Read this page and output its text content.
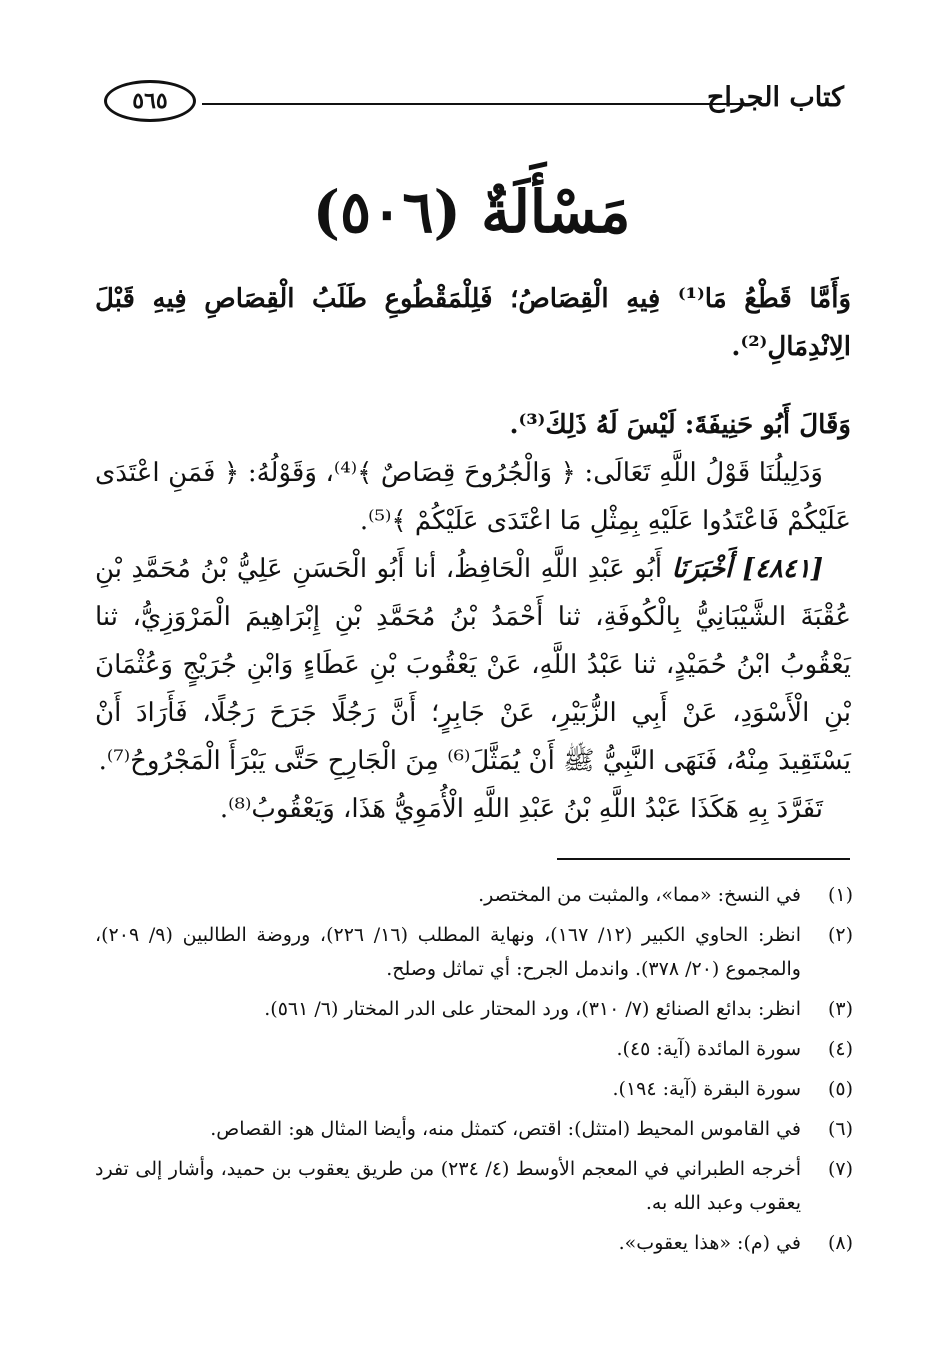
كتاب الجراح
٥٦٥
مَسْأَلَةٌ (٥٠٦)

وَأَمَّا قَطْعُ مَا⁽¹⁾ فِيهِ الْقِصَاصُ؛ فَلِلْمَقْطُوعِ طَلَبُ الْقِصَاصِ فِيهِ قَبْلَ الِانْدِمَالِ⁽²⁾.

وَقَالَ أَبُو حَنِيفَةَ: لَيْسَ لَهُ ذَلِكَ⁽³⁾.

وَدَلِيلُنَا قَوْلُ اللَّهِ تَعَالَى: ﴿ وَالْجُرُوحَ قِصَاصٌ ﴾⁽⁴⁾، وَقَوْلُهُ: ﴿ فَمَنِ اعْتَدَى عَلَيْكُمْ فَاعْتَدُوا عَلَيْهِ بِمِثْلِ مَا اعْتَدَى عَلَيْكُمْ ﴾⁽⁵⁾.

[٤٨٤١] أَخْبَرَنَا أَبُو عَبْدِ اللَّهِ الْحَافِظُ، أنا أَبُو الْحَسَنِ عَلِيُّ بْنُ مُحَمَّدِ بْنِ عُقْبَةَ الشَّيْبَانِيُّ بِالْكُوفَةِ، ثنا أَحْمَدُ بْنُ مُحَمَّدِ بْنِ إِبْرَاهِيمَ الْمَرْوَزِيُّ، ثنا يَعْقُوبُ ابْنُ حُمَيْدٍ، ثنا عَبْدُ اللَّهِ، عَنْ يَعْقُوبَ بْنِ عَطَاءٍ وَابْنِ جُرَيْجٍ وَعُثْمَانَ بْنِ الْأَسْوَدِ، عَنْ أَبِي الزُّبَيْرِ، عَنْ جَابِرٍ؛ أَنَّ رَجُلًا جَرَحَ رَجُلًا، فَأَرَادَ أَنْ يَسْتَقِيدَ مِنْهُ، فَنَهَى النَّبِيُّ ﷺ أَنْ يُمَثَّلَ⁽⁶⁾ مِنَ الْجَارِحِ حَتَّى يَبْرَأَ الْمَجْرُوحُ⁽⁷⁾.

تَفَرَّدَ بِهِ هَكَذَا عَبْدُ اللَّهِ بْنُ عَبْدِ اللَّهِ الْأُمَوِيُّ هَذَا، وَيَعْقُوبُ⁽⁸⁾.

(١)
في النسخ: «مما»، والمثبت من المختصر.
(٢)
انظر: الحاوي الكبير (١٢/ ١٦٧)، ونهاية المطلب (١٦/ ٢٢٦)، وروضة الطالبين (٩/ ٢٠٩)، والمجموع (٢٠/ ٣٧٨). واندمل الجرح: أي تماثل وصلح.
(٣)
انظر: بدائع الصنائع (٧/ ٣١٠)، ورد المحتار على الدر المختار (٦/ ٥٦١).
(٤)
سورة المائدة (آية: ٤٥).
(٥)
سورة البقرة (آية: ١٩٤).
(٦)
في القاموس المحيط (امتثل): اقتص، كتمثل منه، وأيضا المثال هو: القصاص.
(٧)
أخرجه الطبراني في المعجم الأوسط (٤/ ٢٣٤) من طريق يعقوب بن حميد، وأشار إلى تفرد يعقوب وعبد الله به.
(٨)
في (م): «هذا يعقوب».
